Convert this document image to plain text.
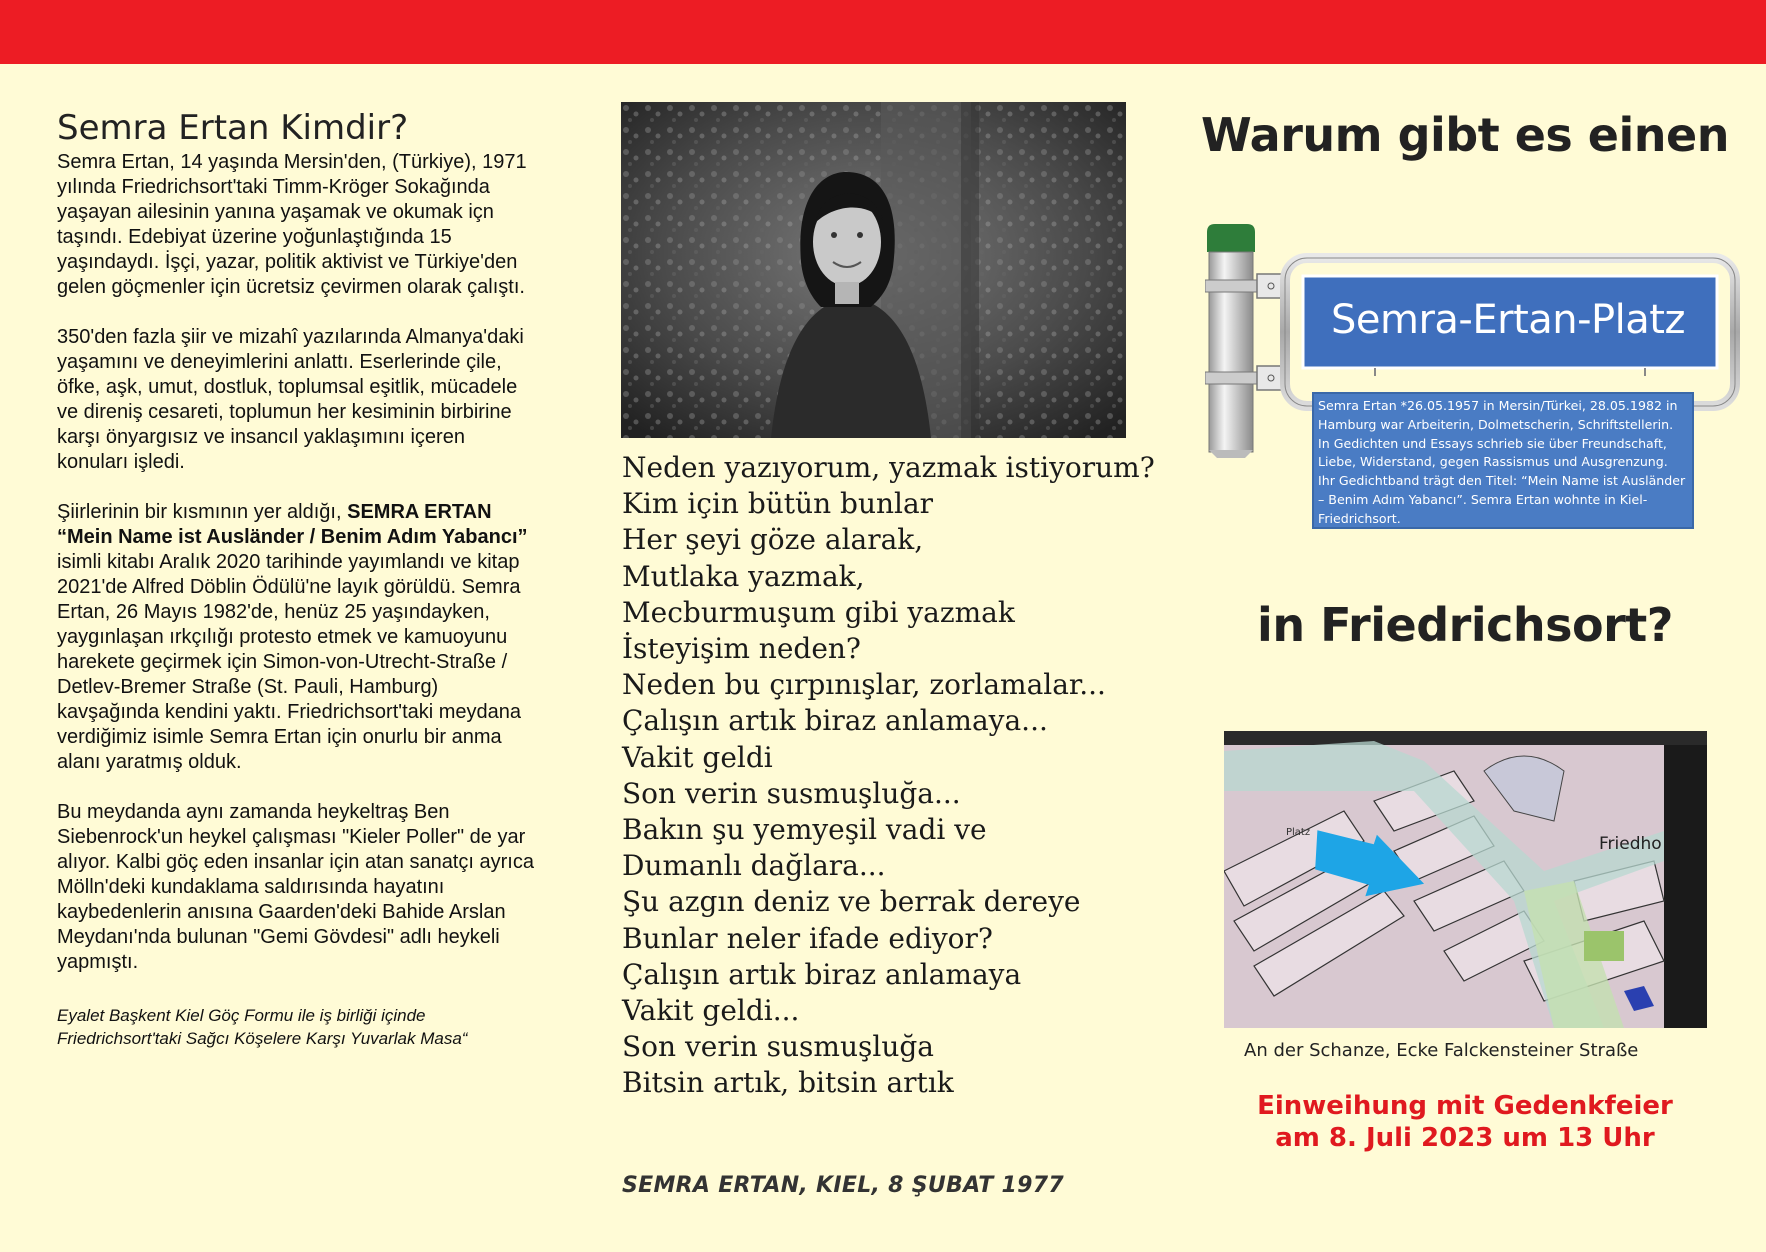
Semra Ertan Kimdir?

Semra Ertan, 14 yaşında Mersin'den, (Türkiye), 1971 yılında Friedrichsort'taki Timm-Kröger Sokağında yaşayan ailesinin yanına yaşamak ve okumak içn taşındı. Edebiyat üzerine yoğunlaştığında 15 yaşındaydı. İşçi, yazar, politik aktivist ve Türkiye'den gelen göçmenler için ücretsiz çevirmen olarak çalıştı.

350'den fazla şiir ve mizahî yazılarında Almanya'daki yaşamını ve deneyimlerini anlattı. Eserlerinde çile, öfke, aşk, umut, dostluk, toplumsal eşitlik, mücadele ve direniş cesareti, toplumun her kesiminin birbirine karşı önyargısız ve insancıl yaklaşımını içeren konuları işledi.

Şiirlerinin bir kısmının yer aldığı, SEMRA ERTAN “Mein Name ist Ausländer / Benim Adım Yabancı” isimli kitabı Aralık 2020 tarihinde yayımlandı ve kitap 2021'de Alfred Döblin Ödülü'ne layık görüldü. Semra Ertan, 26 Mayıs 1982'de, henüz 25 yaşındayken, yaygınlaşan ırkçılığı protesto etmek ve kamuoyunu harekete geçirmek için Simon-von-Utrecht-Straße / Detlev-Bremer Straße (St. Pauli, Hamburg) kavşağında kendini yaktı. Friedrichsort'taki meydana verdiğimiz isimle Semra Ertan için onurlu bir anma alanı yaratmış olduk.

Bu meydanda aynı zamanda heykeltraş Ben Siebenrock'un heykel çalışması "Kieler Poller" de yar alıyor. Kalbi göç eden insanlar için atan sanatçı ayrıca Mölln'deki kundaklama saldırısında hayatını kaybedenlerin anısına Gaarden'deki Bahide Arslan Meydanı'nda bulunan "Gemi Gövdesi" adlı heykeli yapmıştı.

Eyalet Başkent Kiel Göç Formu ile iş birliği içinde
Friedrichsort'taki Sağcı Köşelere Karşı Yuvarlak Masa“
Neden yazıyorum, yazmak istiyorum?
Kim için bütün bunlar
Her şeyi göze alarak,
Mutlaka yazmak,
Mecburmuşum gibi yazmak
İsteyişim neden?
Neden bu çırpınışlar, zorlamalar...
Çalışın artık biraz anlamaya...
Vakit geldi
Son verin susmuşluğa...
Bakın şu yemyeşil vadi ve
Dumanlı dağlara...
Şu azgın deniz ve berrak dereye
Bunlar neler ifade ediyor?
Çalışın artık biraz anlamaya
Vakit geldi...
Son verin susmuşluğa
Bitsin artık, bitsin artık
SEMRA ERTAN, KIEL, 8 ŞUBAT 1977
Warum gibt es einen
Semra-Ertan-Platz
Semra Ertan *26.05.1957 in Mersin/Türkei, 28.05.1982 in Hamburg war Arbeiterin, Dolmetscherin, Schriftstellerin. In Gedichten und Essays schrieb sie über Freundschaft, Liebe, Widerstand, gegen Rassismus und Ausgrenzung. Ihr Gedichtband trägt den Titel: “Mein Name ist Ausländer – Benim Adım Yabancı”. Semra Ertan wohnte in Kiel-Friedrichsort.
in Friedrichsort?
Friedho
Platz
An der Schanze, Ecke Falckensteiner Straße
Einweihung mit Gedenkfeier
am 8. Juli 2023 um 13 Uhr
